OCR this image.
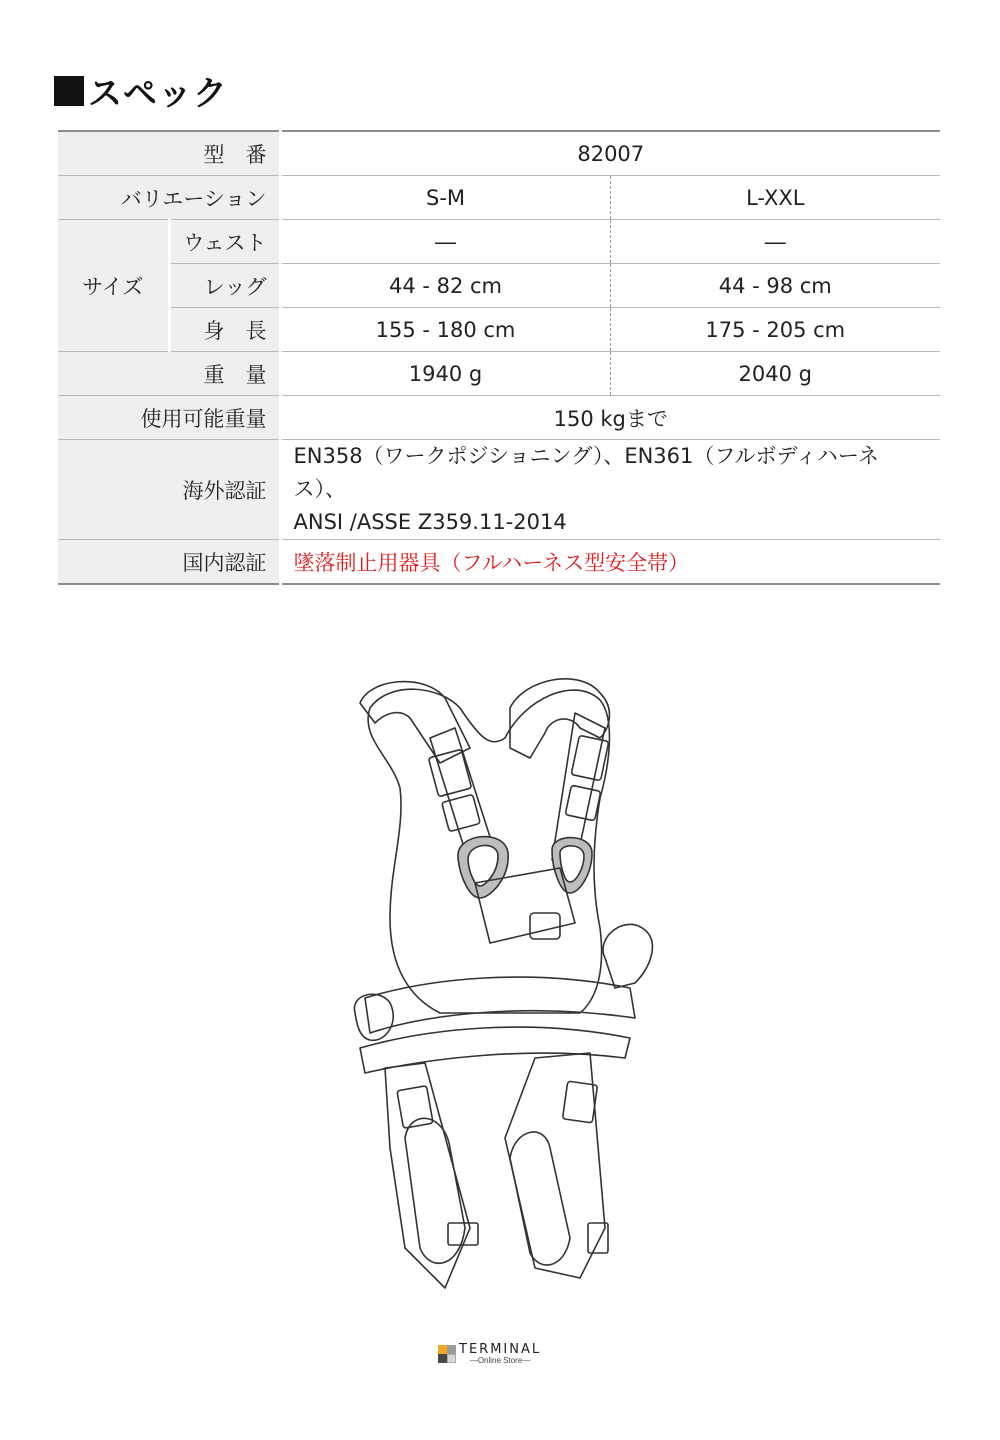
スペック
型　番		82007	
バリエーション		S-M	L-XXL
サイズ	ウェスト	―	―
	レッグ	44 - 82 cm	44 - 98 cm
	身　長	155 - 180 cm	175 - 205 cm
重　量		1940 g	2040 g
使用可能重量		150 kgまで	
海外認証		EN358（ワークポジショニング）、EN361（フルボディハーネス）、
ANSI /ASSE Z359.11-2014	

国内認証		墜落制止用器具（フルハーネス型安全帯）	
TERMINAL
—Online Store—
